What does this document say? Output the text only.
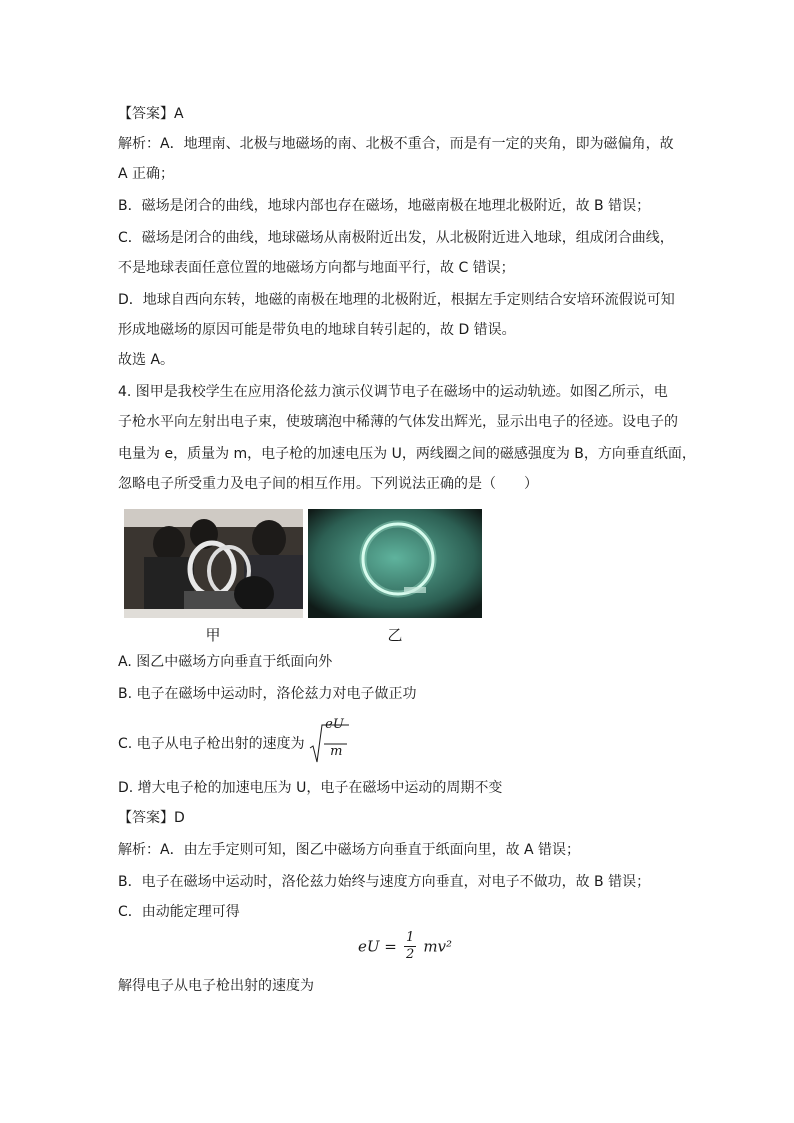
【答案】A
解析：A．地理南、北极与地磁场的南、北极不重合，而是有一定的夹角，即为磁偏角，故
A 正确；
B．磁场是闭合的曲线，地球内部也存在磁场，地磁南极在地理北极附近，故 B 错误；
C．磁场是闭合的曲线，地球磁场从南极附近出发，从北极附近进入地球，组成闭合曲线，
不是地球表面任意位置的地磁场方向都与地面平行，故 C 错误；
D．地球自西向东转，地磁的南极在地理的北极附近，根据左手定则结合安培环流假说可知
形成地磁场的原因可能是带负电的地球自转引起的，故 D 错误。
故选 A。
4. 图甲是我校学生在应用洛伦兹力演示仪调节电子在磁场中的运动轨迹。如图乙所示，电
子枪水平向左射出电子束，使玻璃泡中稀薄的气体发出辉光，显示出电子的径迹。设电子的
电量为 e，质量为 m，电子枪的加速电压为 U，两线圈之间的磁感强度为 B，方向垂直纸面，
忽略电子所受重力及电子间的相互作用。下列说法正确的是（　　）
甲	乙
A. 图乙中磁场方向垂直于纸面向外
B. 电子在磁场中运动时，洛伦兹力对电子做正功
C. 电子从电子枪出射的速度为
eU
m
D. 增大电子枪的加速电压为 U，电子在磁场中运动的周期不变
【答案】D
解析：A．由左手定则可知，图乙中磁场方向垂直于纸面向里，故 A 错误；
B．电子在磁场中运动时，洛伦兹力始终与速度方向垂直，对电子不做功，故 B 错误；
C．由动能定理可得
eU = $\frac{1}{2} mv^2$
解得电子从电子枪出射的速度为
